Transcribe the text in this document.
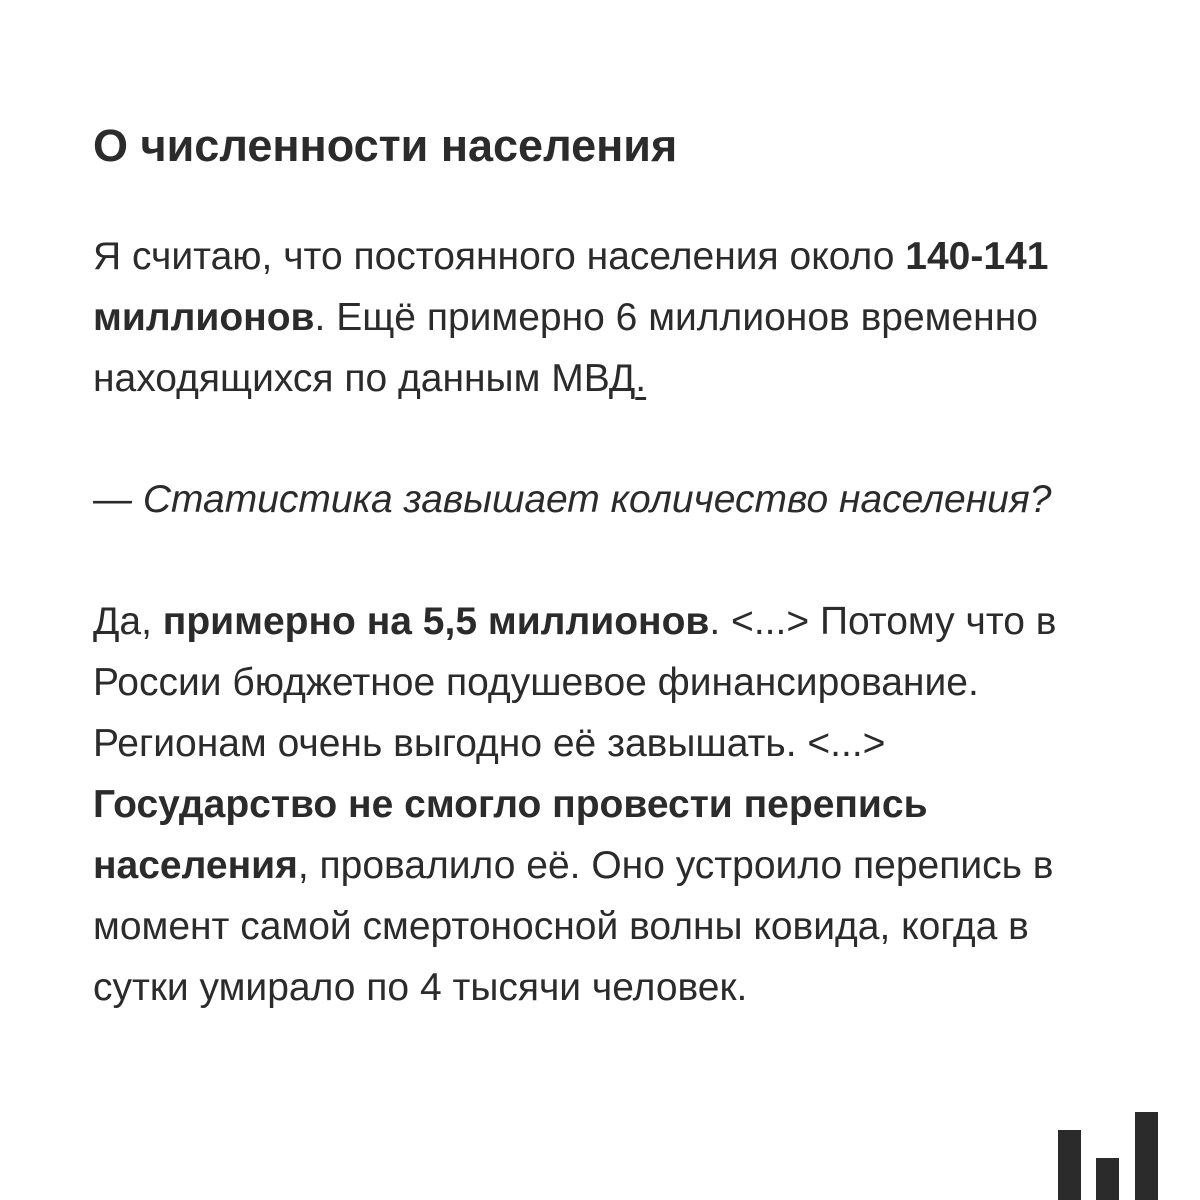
О численности населения

Я считаю, что постоянного населения около 140-141 миллионов. Ещё примерно 6 миллионов временно находящихся по данным МВД.

— Статистика завышает количество населения?

Да, примерно на 5,5 миллионов. <...> Потому что в России бюджетное подушевое финансирование. Регионам очень выгодно её завышать. <...> Государство не смогло провести перепись населения, провалило её. Оно устроило перепись в момент самой смертоносной волны ковида, когда в сутки умирало по 4 тысячи человек.
